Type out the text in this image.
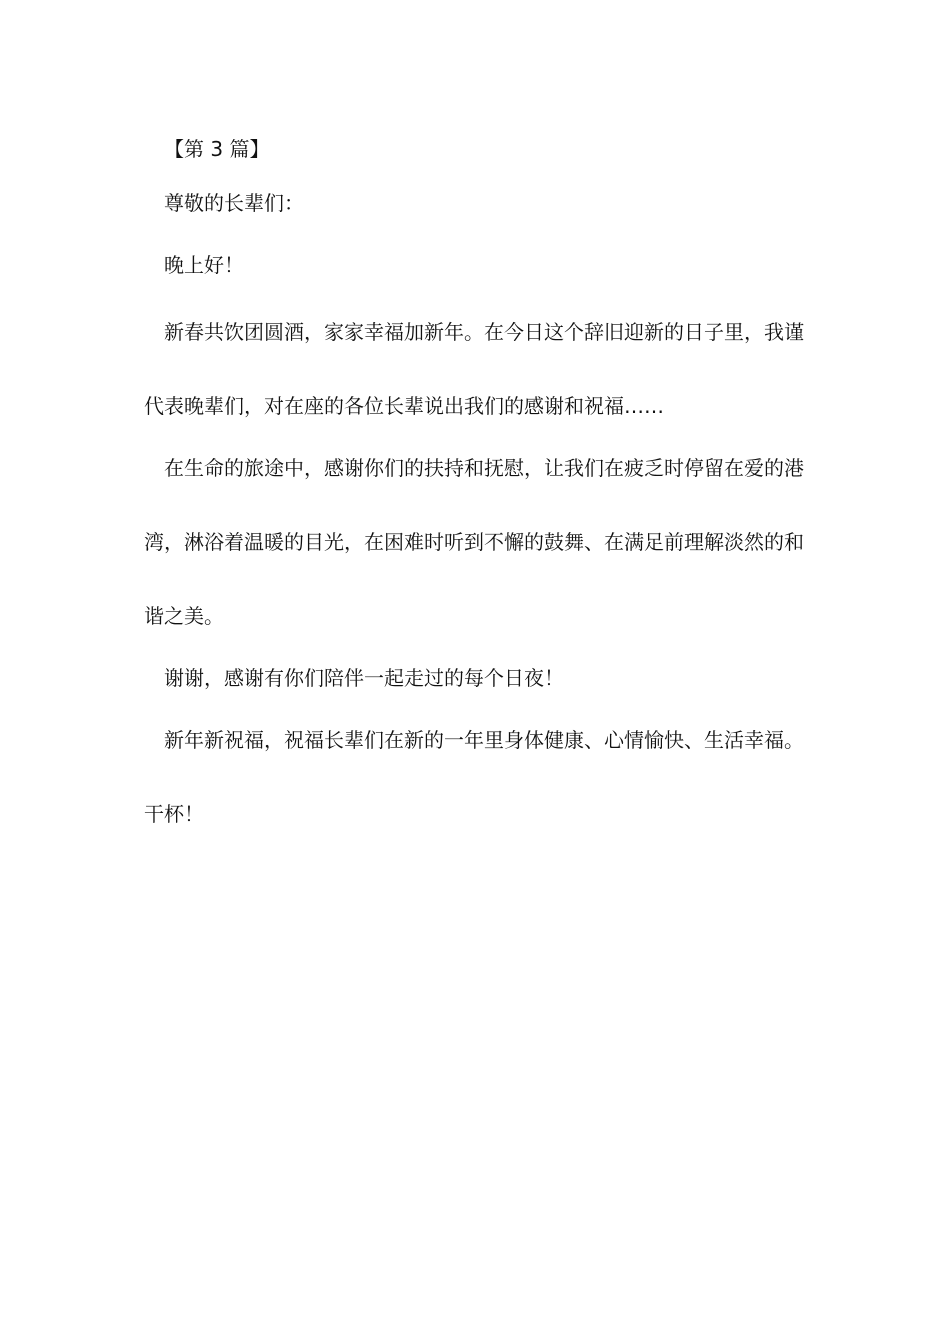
【第 3 篇】

尊敬的长辈们：

晚上好！

新春共饮团圆酒，家家幸福加新年。在今日这个辞旧迎新的日子里，我谨代表晚辈们，对在座的各位长辈说出我们的感谢和祝福……

在生命的旅途中，感谢你们的扶持和抚慰，让我们在疲乏时停留在爱的港湾，淋浴着温暖的目光，在困难时听到不懈的鼓舞、在满足前理解淡然的和谐之美。

谢谢，感谢有你们陪伴一起走过的每个日夜！

新年新祝福，祝福长辈们在新的一年里身体健康、心情愉快、生活幸福。干杯！
